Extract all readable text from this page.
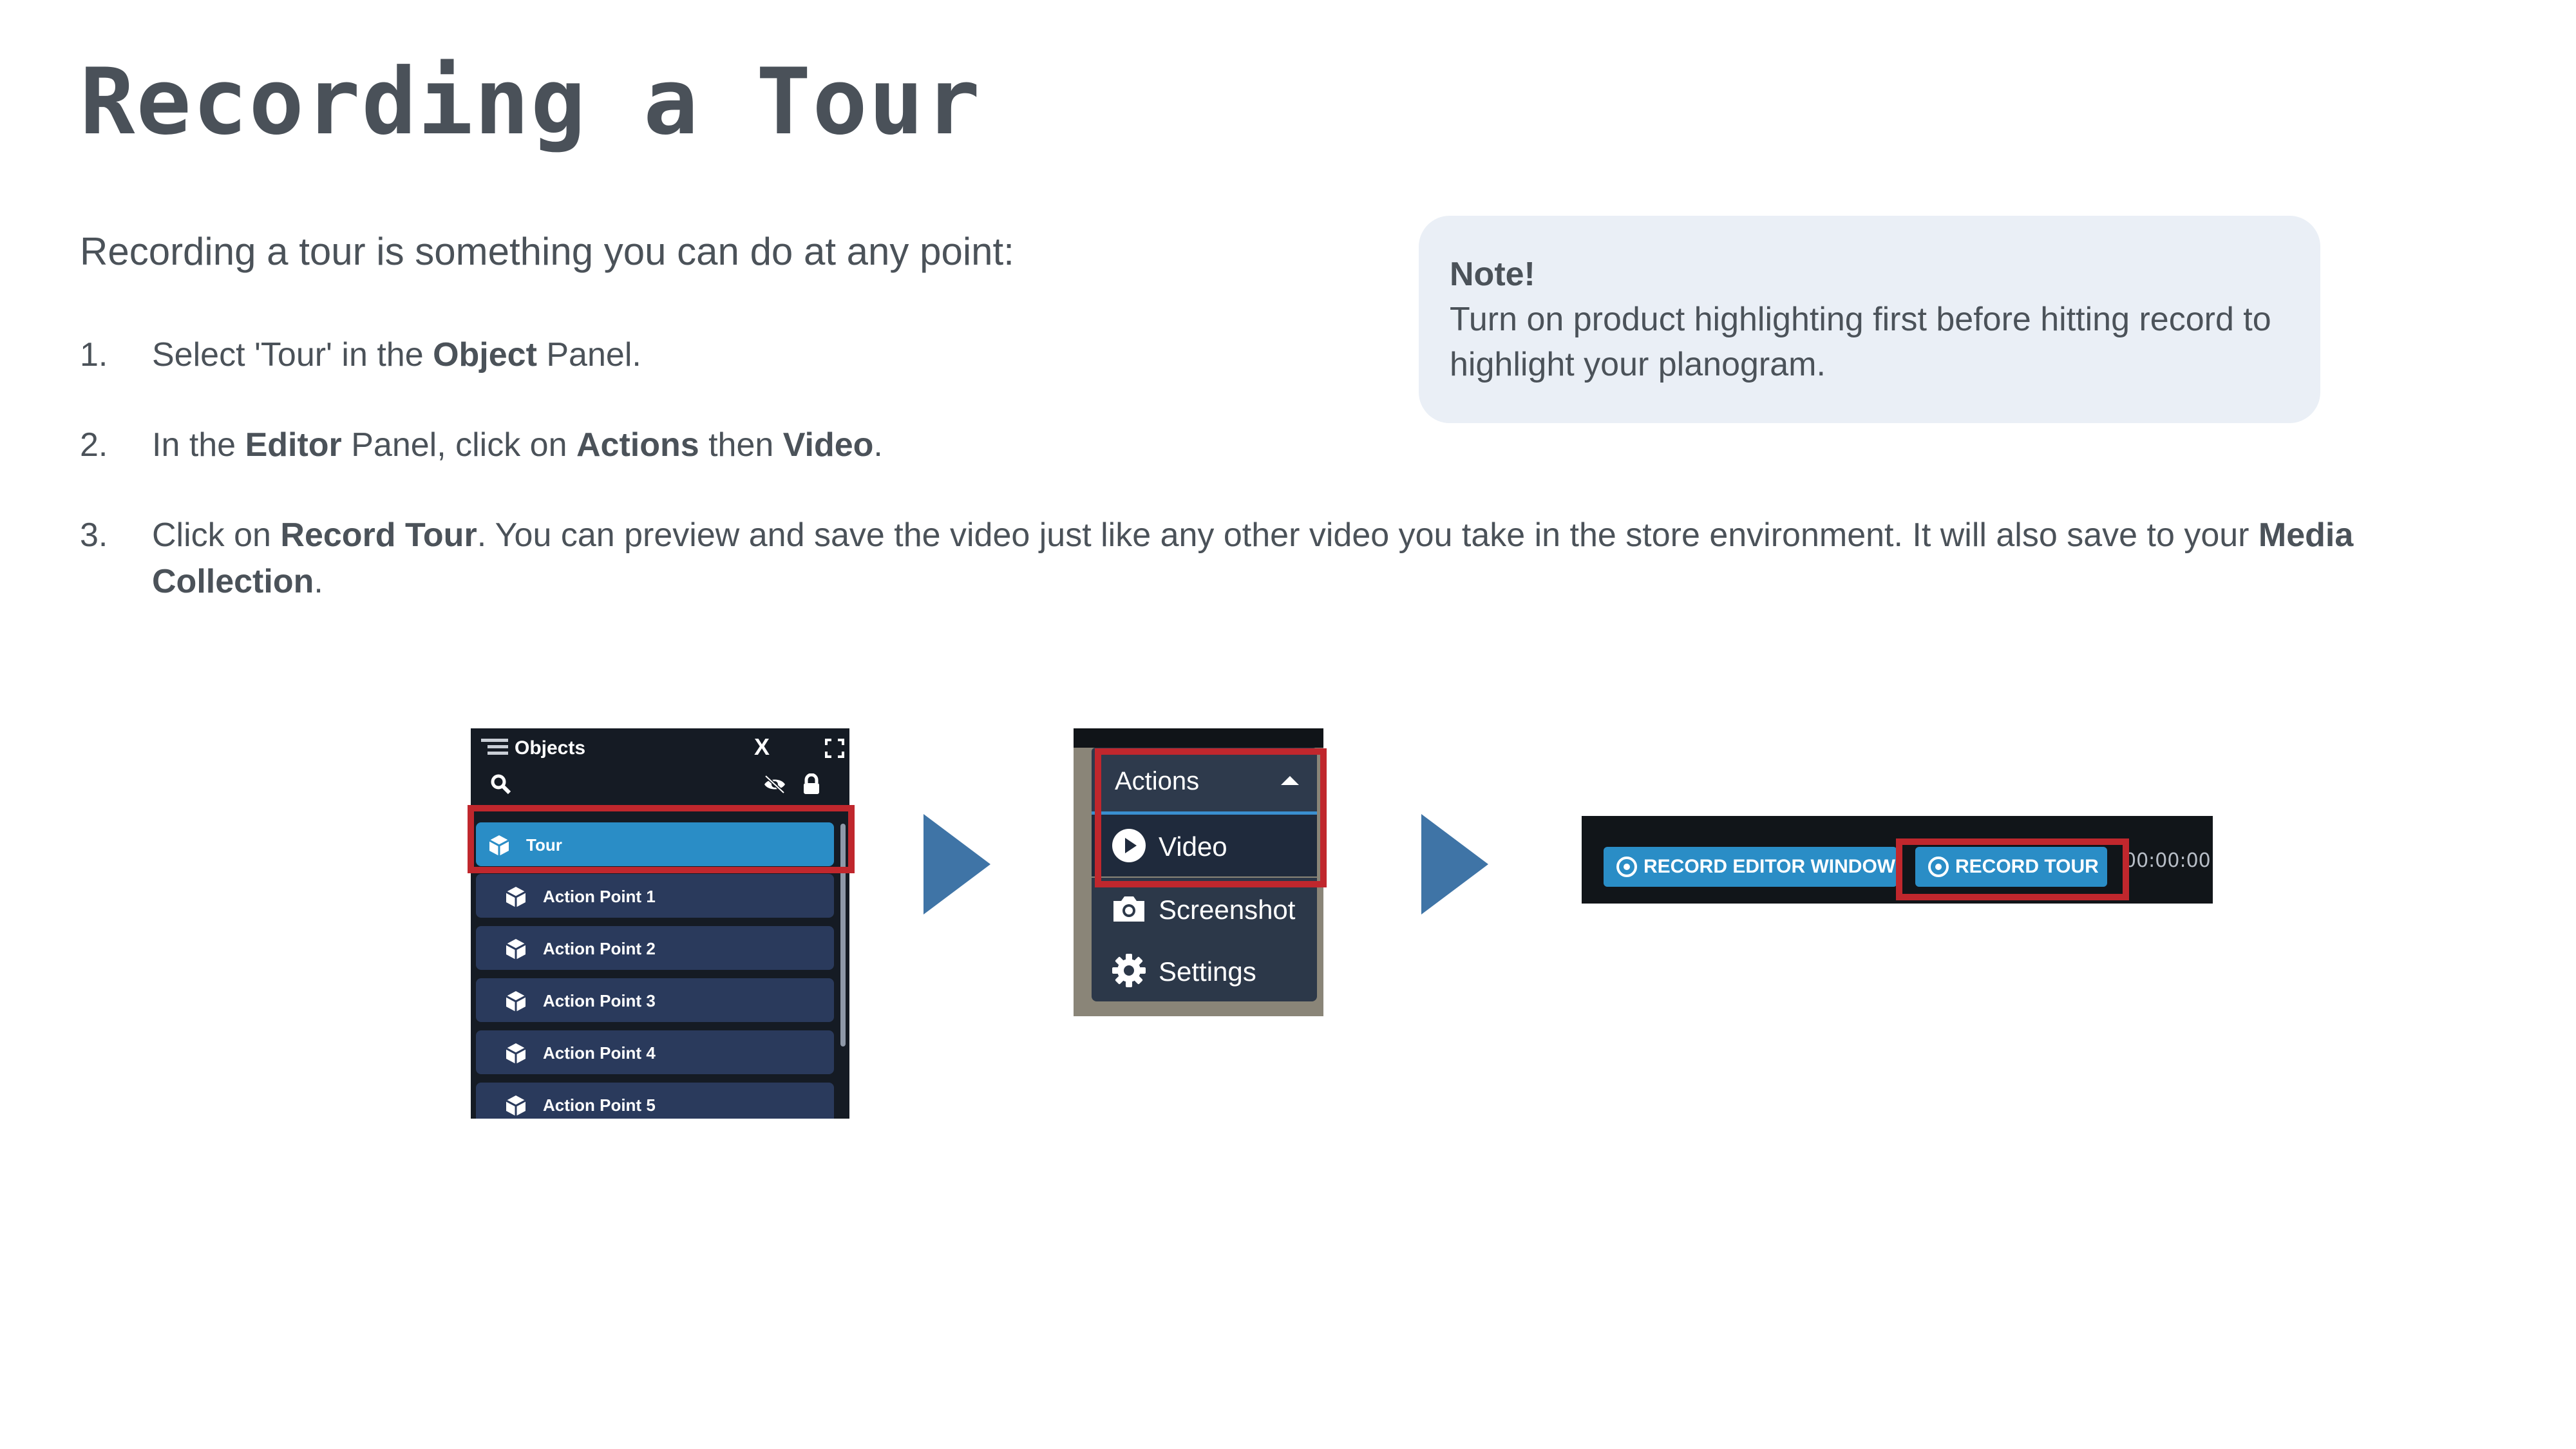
Recording a Tour
Recording a tour is something you can do at any point:
1. Select 'Tour' in the Object Panel.
2. In the Editor Panel, click on Actions then Video.
3. Click on Record Tour. You can preview and save the video just like any other video you take in the store environment. It will also save to your Media Collection.
Note!
Turn on product highlighting first before hitting record to highlight your planogram.
Objects	X
Tour
Action Point 1
Action Point 2
Action Point 3
Action Point 4
Action Point 5
Actions
Video
Screenshot
Settings
RECORD EDITOR WINDOW	RECORD TOUR 00:00:00
